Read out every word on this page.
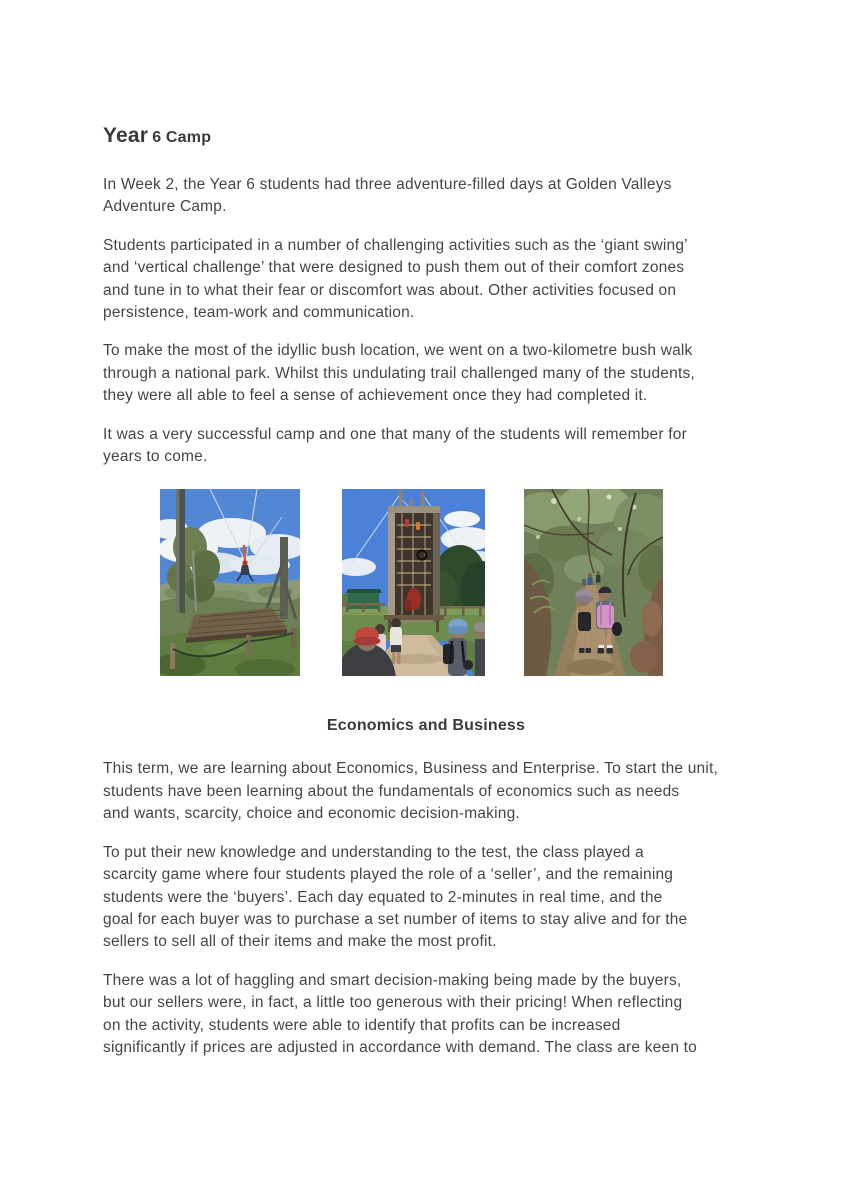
Year 6 Camp
In Week 2, the Year 6 students had three adventure-filled days at Golden Valleys
Adventure Camp.
Students participated in a number of challenging activities such as the ‘giant swing’
and ‘vertical challenge’ that were designed to push them out of their comfort zones
and tune in to what their fear or discomfort was about. Other activities focused on
persistence, team-work and communication.
To make the most of the idyllic bush location, we went on a two-kilometre bush walk
through a national park. Whilst this undulating trail challenged many of the students,
they were all able to feel a sense of achievement once they had completed it.
It was a very successful camp and one that many of the students will remember for
years to come.
Economics and Business
This term, we are learning about Economics, Business and Enterprise. To start the unit,
students have been learning about the fundamentals of economics such as needs
and wants, scarcity, choice and economic decision-making.
To put their new knowledge and understanding to the test, the class played a
scarcity game where four students played the role of a ‘seller’, and the remaining
students were the ‘buyers’. Each day equated to 2-minutes in real time, and the
goal for each buyer was to purchase a set number of items to stay alive and for the
sellers to sell all of their items and make the most profit.
There was a lot of haggling and smart decision-making being made by the buyers,
but our sellers were, in fact, a little too generous with their pricing! When reflecting
on the activity, students were able to identify that profits can be increased
significantly if prices are adjusted in accordance with demand. The class are keen to
